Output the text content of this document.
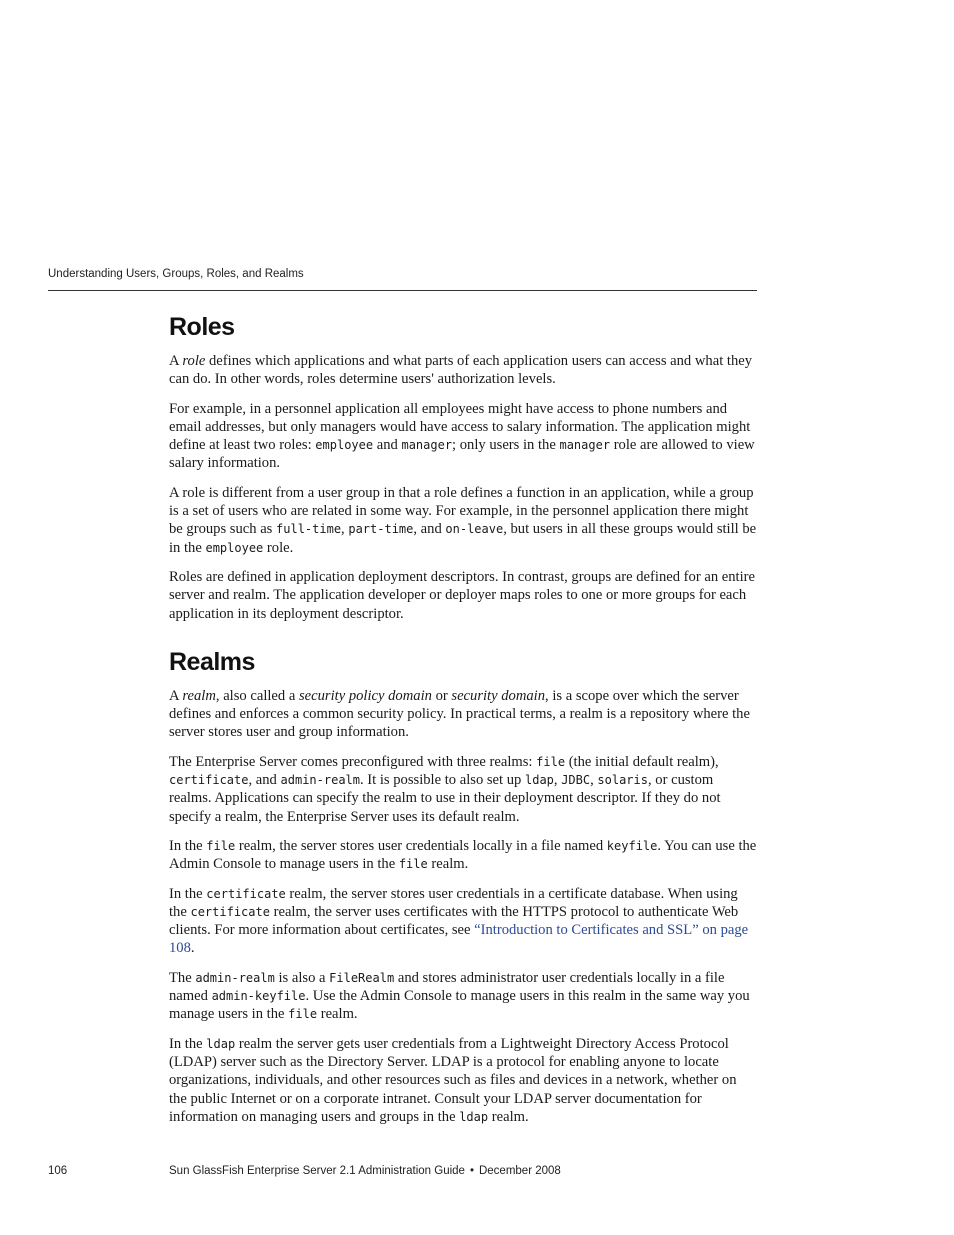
Understanding Users, Groups, Roles, and Realms
Roles

A role defines which applications and what parts of each application users can access and what they can do. In other words, roles determine users' authorization levels.

For example, in a personnel application all employees might have access to phone numbers and email addresses, but only managers would have access to salary information. The application might define at least two roles: employee and manager; only users in the manager role are allowed to view salary information.

A role is different from a user group in that a role defines a function in an application, while a group is a set of users who are related in some way. For example, in the personnel application there might be groups such as full-time, part-time, and on-leave, but users in all these groups would still be in the employee role.

Roles are defined in application deployment descriptors. In contrast, groups are defined for an entire server and realm. The application developer or deployer maps roles to one or more groups for each application in its deployment descriptor.

Realms

A realm, also called a security policy domain or security domain, is a scope over which the server defines and enforces a common security policy. In practical terms, a realm is a repository where the server stores user and group information.

The Enterprise Server comes preconfigured with three realms: file (the initial default realm), certificate, and admin-realm. It is possible to also set up ldap, JDBC, solaris, or custom realms. Applications can specify the realm to use in their deployment descriptor. If they do not specify a realm, the Enterprise Server uses its default realm.

In the file realm, the server stores user credentials locally in a file named keyfile. You can use the Admin Console to manage users in the file realm.

In the certificate realm, the server stores user credentials in a certificate database. When using the certificate realm, the server uses certificates with the HTTPS protocol to authenticate Web clients. For more information about certificates, see “Introduction to Certificates and SSL” on page 108.

The admin-realm is also a FileRealm and stores administrator user credentials locally in a file named admin-keyfile. Use the Admin Console to manage users in this realm in the same way you manage users in the file realm.

In the ldap realm the server gets user credentials from a Lightweight Directory Access Protocol (LDAP) server such as the Directory Server. LDAP is a protocol for enabling anyone to locate organizations, individuals, and other resources such as files and devices in a network, whether on the public Internet or on a corporate intranet. Consult your LDAP server documentation for information on managing users and groups in the ldap realm.

106	Sun GlassFish Enterprise Server 2.1 Administration Guide • December 2008
